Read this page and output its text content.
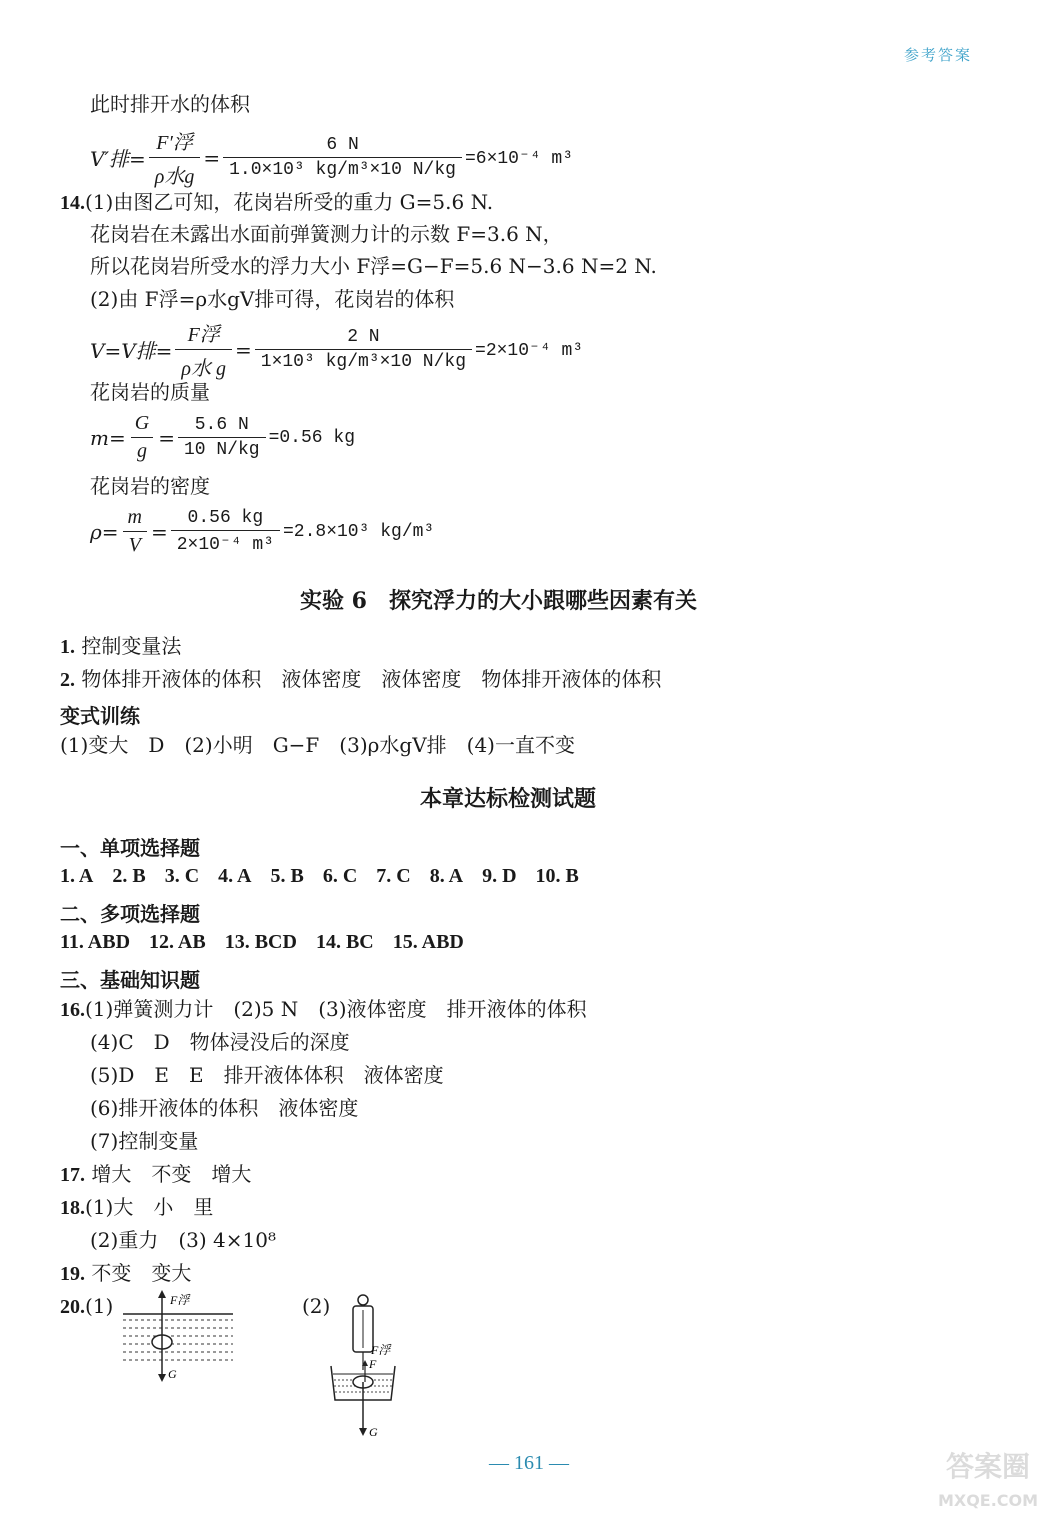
参考答案
此时排开水的体积
V′排= $\frac{\text{F′浮}}{\text{ρ水g}} = \frac{6 N}{\text{1.0×10³ kg/m³×10 N/kg}} =6\times 10^{-4}$ m³
14.(1)由图乙可知，花岗岩所受的重力 G=5.6 N.
花岗岩在未露出水面前弹簧测力计的示数 F=3.6 N，
所以花岗岩所受水的浮力大小 F浮=G−F=5.6 N−3.6 N=2 N.
(2)由 F浮=ρ水gV排可得，花岗岩的体积
V=V排= $\frac{\text{F浮}}{\text{ρ水 g}} = \frac{2 N}{\text{1×10³ kg/m³×10 N/kg}} =2\times 10^{-4}$ m³
花岗岩的质量
$m= \frac{G}{g} = \frac{5.6 N}{10 N/kg} =0.56$ kg
花岗岩的密度
$\rho= \frac{m}{V} = \frac{0.56 kg}{\text{2×10⁻⁴ m³}} =2.8\times 10^3$ kg/m³
实验 6　探究浮力的大小跟哪些因素有关
1. 控制变量法
2. 物体排开液体的体积　液体密度　液体密度　物体排开液体的体积
变式训练
(1)变大　D　(2)小明　G−F　(3)ρ水gV排　(4)一直不变
本章达标检测试题
一、单项选择题
1. A 2. B 3. C 4. A 5. B 6. C 7. C 8. A 9. D 10. B
二、多项选择题
11. ABD 12. AB 13. BCD 14. BC 15. ABD
三、基础知识题
16.(1)弹簧测力计　(2)5 N　(3)液体密度　排开液体的体积
(4)C　D　物体浸没后的深度
(5)D　E　E　排开液体体积　液体密度
(6)排开液体的体积　液体密度
(7)控制变量
17. 增大　不变　增大
18.(1)大　小　里
(2)重力　(3) 4×10⁸
19. 不变　变大
20.(1)	(2)
F浮
G
F浮
F
G
— 161 —	答案圈
MXQE.COM
